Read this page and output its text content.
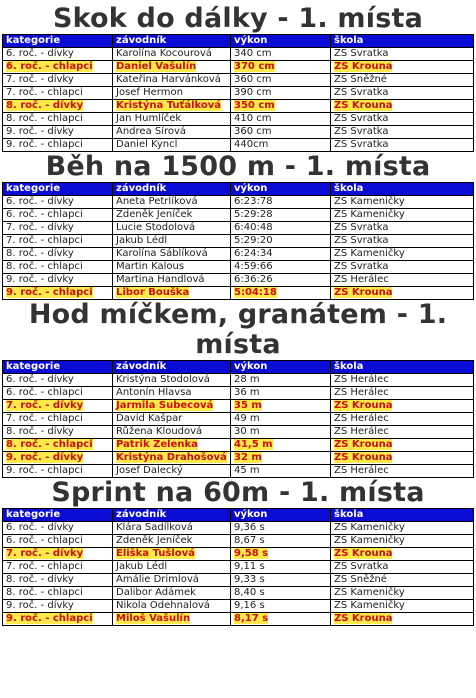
Skok do dálky - 1. místa
kategorie	závodník	výkon	škola
6. roč. - dívky	Karolína Kocourová	340 cm	ZŠ Svratka
6. roč. - chlapci	Daniel Vašulín	370 cm	ZŠ Krouna
7. roč. - dívky	Kateřina Harvánková	360 cm	ZŠ Sněžné
7. roč. - chlapci	Josef Hermon	390 cm	ZŠ Svratka
8. roč. - dívky	Kristýna Tuťálková	350 cm	ZŠ Krouna
8. roč. - chlapci	Jan Humlíček	410 cm	ZŠ Svratka
9. roč. - dívky	Andrea Šírová	360 cm	ZŠ Svratka
9. roč. - chlapci	Daniel Kyncl	440cm	ZŠ Svratka
Běh na 1500 m - 1. místa
kategorie	závodník	výkon	škola
6. roč. - dívky	Aneta Petrlíková	6:23:78	ZŠ Kameničky
6. roč. - chlapci	Zdeněk Jeníček	5:29:28	ZŠ Kameničky
7. roč. - dívky	Lucie Stodolová	6:40:48	ZŠ Svratka
7. roč. - chlapci	Jakub Lédl	5:29:20	ZŠ Svratka
8. roč. - dívky	Karolína Sáblíková	6:24:34	ZŠ Kameničky
8. roč. - chlapci	Martin Kalous	4:59:66	ZŠ Svratka
9. roč. - dívky	Martina Handlová	6:36:26	ZŠ Herálec
9. roč. - chlapci	Libor Bouška	5:04:18	ZŠ Krouna
Hod míčkem, granátem - 1. místa
kategorie	závodník	výkon	škola
6. roč. - dívky	Kristýna Stodolová	28 m	ZŠ Herálec
6. roč. - chlapci	Antonín Hlavsa	36 m	ZŠ Herálec
7. roč. - dívky	Jarmila Šubecová	35 m	ZŠ Krouna
7. roč. - chlapci	David Kašpar	49 m	ZŠ Herálec
8. roč. - dívky	Růžena Kloudová	30 m	ZŠ Herálec
8. roč. - chlapci	Patrik Zelenka	41,5 m	ZŠ Krouna
9. roč. - dívky	Kristýna Drahošová	32 m	ZŠ Krouna
9. roč. - chlapci	Josef Dalecký	45 m	ZŠ Herálec
Sprint na 60m - 1. místa
kategorie	závodník	výkon	škola
6. roč. - dívky	Klára Sadílková	9,36 s	ZŠ Kameničky
6. roč. - chlapci	Zdeněk Jeníček	8,67 s	ZŠ Kameničky
7. roč. - dívky	Eliška Tušlová	9,58 s	ZŠ Krouna
7. roč. - chlapci	Jakub Lédl	9,11 s	ZŠ Svratka
8. roč. - dívky	Amálie Drimlová	9,33 s	ZŠ Sněžné
8. roč. - chlapci	Dalibor Adámek	8,40 s	ZŠ Kameničky
9. roč. - dívky	Nikola Odehnalová	9,16 s	ZŠ Kameničky
9. roč. - chlapci	Miloš Vašulín	8,17 s	ZŠ Krouna
